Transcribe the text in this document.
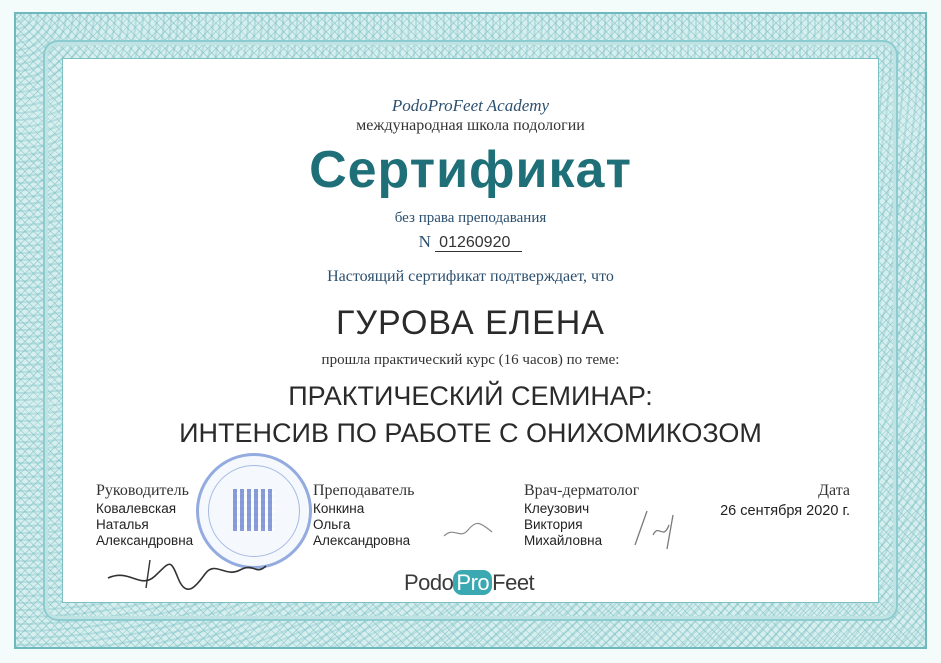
PodoProFeet Academy
международная школа подологии
Сертификат
без права преподавания
N 01260920
Настоящий сертификат подтверждает, что
ГУРОВА ЕЛЕНА
прошла практический курс (16 часов) по теме:
ПРАКТИЧЕСКИЙ СЕМИНАР:
ИНТЕНСИВ ПО РАБОТЕ С ОНИХОМИКОЗОМ
Руководитель
Ковалевская
Наталья
Александровна
Преподаватель
Конкина
Ольга
Александровна
Врач-дерматолог
Клеузович
Виктория
Михайловна
Дата
26 сентября 2020 г.
Podo Pro Feet
